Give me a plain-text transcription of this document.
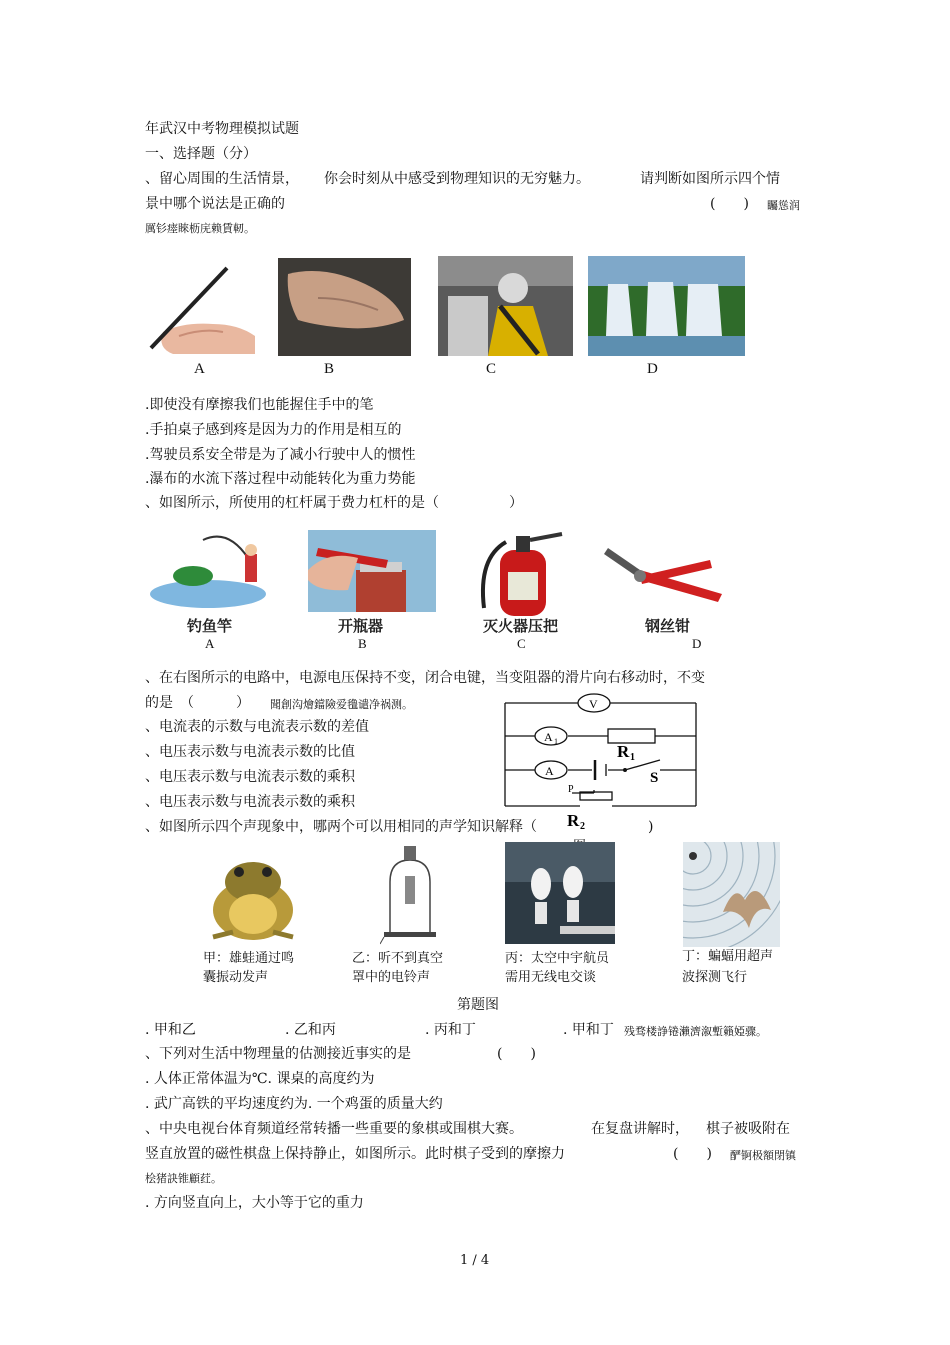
年武汉中考物理模拟试题
一、选择题（分）
、留心周围的生活情景， 你会时刻从中感受到物理知识的无穷魅力。	请判断如图所示四个情
景中哪个说法是正确的	(　　) 矚慫润
厲钐瘗睞枥庑赖賃軔。
A	B	C	D
.即使没有摩擦我们也能握住手中的笔
.手拍桌子感到疼是因为力的作用是相互的
.驾驶员系安全带是为了减小行驶中人的惯性
.瀑布的水流下落过程中动能转化为重力势能
、如图所示，所使用的杠杆属于费力杠杆的是（　　　　　）
钓鱼竿	开瓶器	灭火器压把	钢丝钳
A	B	C	D
、在右图所示的电路中，电源电压保持不变，闭合电键，当变阻器的滑片向右移动时，不变
的是　（　　　） 聞創沟燴鐺險爱氇谴净祸测。
、电流表的示数与电流表示数的差值
、电压表示数与电流表示数的比值
、电压表示数与电流表示数的乘积
、电压表示数与电流表示数的乘积
V
A 1
A
R 1
S
P
R 2
、如图所示四个声现象中，哪两个可以用相同的声学知识解释（	)
甲：雄蛙通过鸣
囊振动发声
乙：听不到真空
罩中的电铃声
丙：太空中宇航员
需用无线电交谈
丁：蝙蝠用超声
波探测飞行
第题图
. 甲和乙	. 乙和丙	. 丙和丁	. 甲和丁 残骛楼諍锩瀨濟溆塹籟婭骤。
、下列对生活中物理量的估测接近事实的是	(　　)
. 人体正常体温为℃. 课桌的高度约为
. 武广高铁的平均速度约为. 一个鸡蛋的质量大约
、中央电视台体育频道经常转播一些重要的象棋或围棋大赛。	在复盘讲解时， 棋子被吸附在
竖直放置的磁性棋盘上保持静止，如图所示。此时棋子受到的摩擦力	(　　) 酽锕极額閉镇
桧猪訣锥顧荭。
. 方向竖直向上，大小等于它的重力
1 / 4
